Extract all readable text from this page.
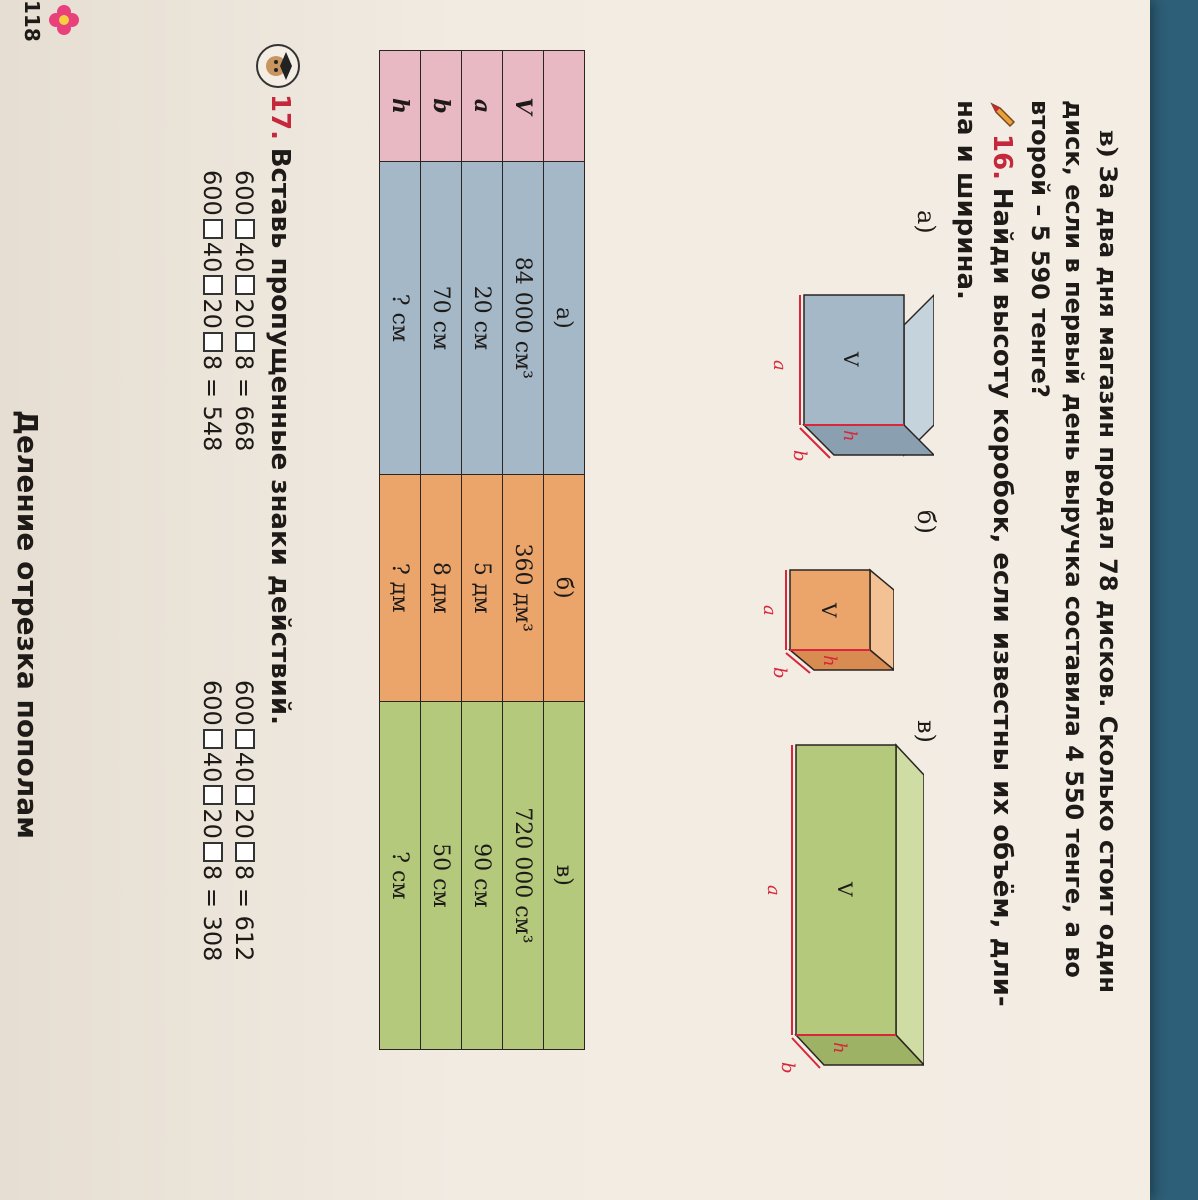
в) За два дня магазин продал 78 дисков. Сколько стоит один
диск, если в первый день выручка составила 4 550 тенге, а во
второй – 5 590 тенге?
16. Найди высоту коробок, если известны их объём, дли-
на и ширина.
а)
б)
в)
a
h
b
V
a
h
b
V
a
h
b
V
	а)	б)	в)
V	84 000 см³	360 дм³	720 000 см³
a	20 см	5 дм	90 см
b	70 см	8 дм	50 см
h	? см	? дм	? см
17. Вставь пропущенные знаки действий.
60040208 = 668
60040208 = 548
60040208 = 612
60040208 = 308
118
Деление отрезка пополам
